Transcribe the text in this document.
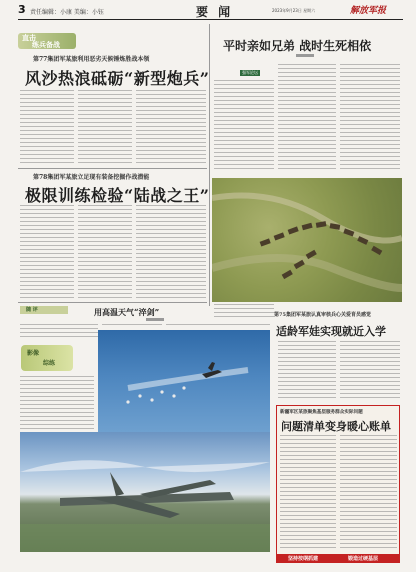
3 责任编辑：小康 美编：小钰	要 闻	2023年9月23日 星期六	解放军报
直击
练兵备战
第77集团军某旅利用恶劣天候锤炼胜战本领
风沙热浪砥砺“新型炮兵”
第78集团军某旅立足现有装备挖掘作战潜能
极限训练检验“陆战之王”
平时亲如兄弟 战时生死相依
强军论坛
随 评	用高温天气“淬剑”
影像
综练
第75集团军某旅认真审核兵心关爱育员感觉
适龄军娃实现就近入学
新疆军区某旅聚焦基层服务群众实际问题
问题清单变身暖心账单
坚持按纲抓建	锻造过硬基层
